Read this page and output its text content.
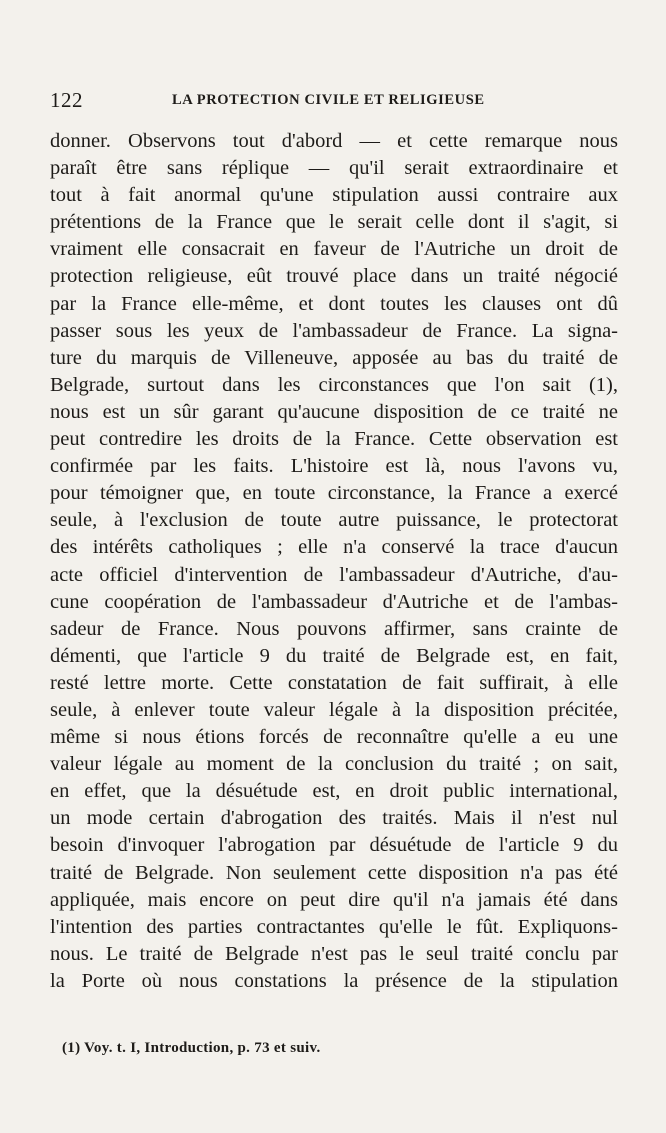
122	LA PROTECTION CIVILE ET RELIGIEUSE
donner. Observons tout d'abord — et cette remarque nous
paraît être sans réplique — qu'il serait extraordinaire et
tout à fait anormal qu'une stipulation aussi contraire aux
prétentions de la France que le serait celle dont il s'agit, si
vraiment elle consacrait en faveur de l'Autriche un droit de
protection religieuse, eût trouvé place dans un traité négocié
par la France elle-même, et dont toutes les clauses ont dû
passer sous les yeux de l'ambassadeur de France. La signa-
ture du marquis de Villeneuve, apposée au bas du traité de
Belgrade, surtout dans les circonstances que l'on sait (1),
nous est un sûr garant qu'aucune disposition de ce traité ne
peut contredire les droits de la France. Cette observation est
confirmée par les faits. L'histoire est là, nous l'avons vu,
pour témoigner que, en toute circonstance, la France a exercé
seule, à l'exclusion de toute autre puissance, le protectorat
des intérêts catholiques ; elle n'a conservé la trace d'aucun
acte officiel d'intervention de l'ambassadeur d'Autriche, d'au-
cune coopération de l'ambassadeur d'Autriche et de l'ambas-
sadeur de France. Nous pouvons affirmer, sans crainte de
démenti, que l'article 9 du traité de Belgrade est, en fait,
resté lettre morte. Cette constatation de fait suffirait, à elle
seule, à enlever toute valeur légale à la disposition précitée,
même si nous étions forcés de reconnaître qu'elle a eu une
valeur légale au moment de la conclusion du traité ; on sait,
en effet, que la désuétude est, en droit public international,
un mode certain d'abrogation des traités. Mais il n'est nul
besoin d'invoquer l'abrogation par désuétude de l'article 9 du
traité de Belgrade. Non seulement cette disposition n'a pas été
appliquée, mais encore on peut dire qu'il n'a jamais été dans
l'intention des parties contractantes qu'elle le fût. Expliquons-
nous. Le traité de Belgrade n'est pas le seul traité conclu par
la Porte où nous constations la présence de la stipulation
(1) Voy. t. I, Introduction, p. 73 et suiv.
